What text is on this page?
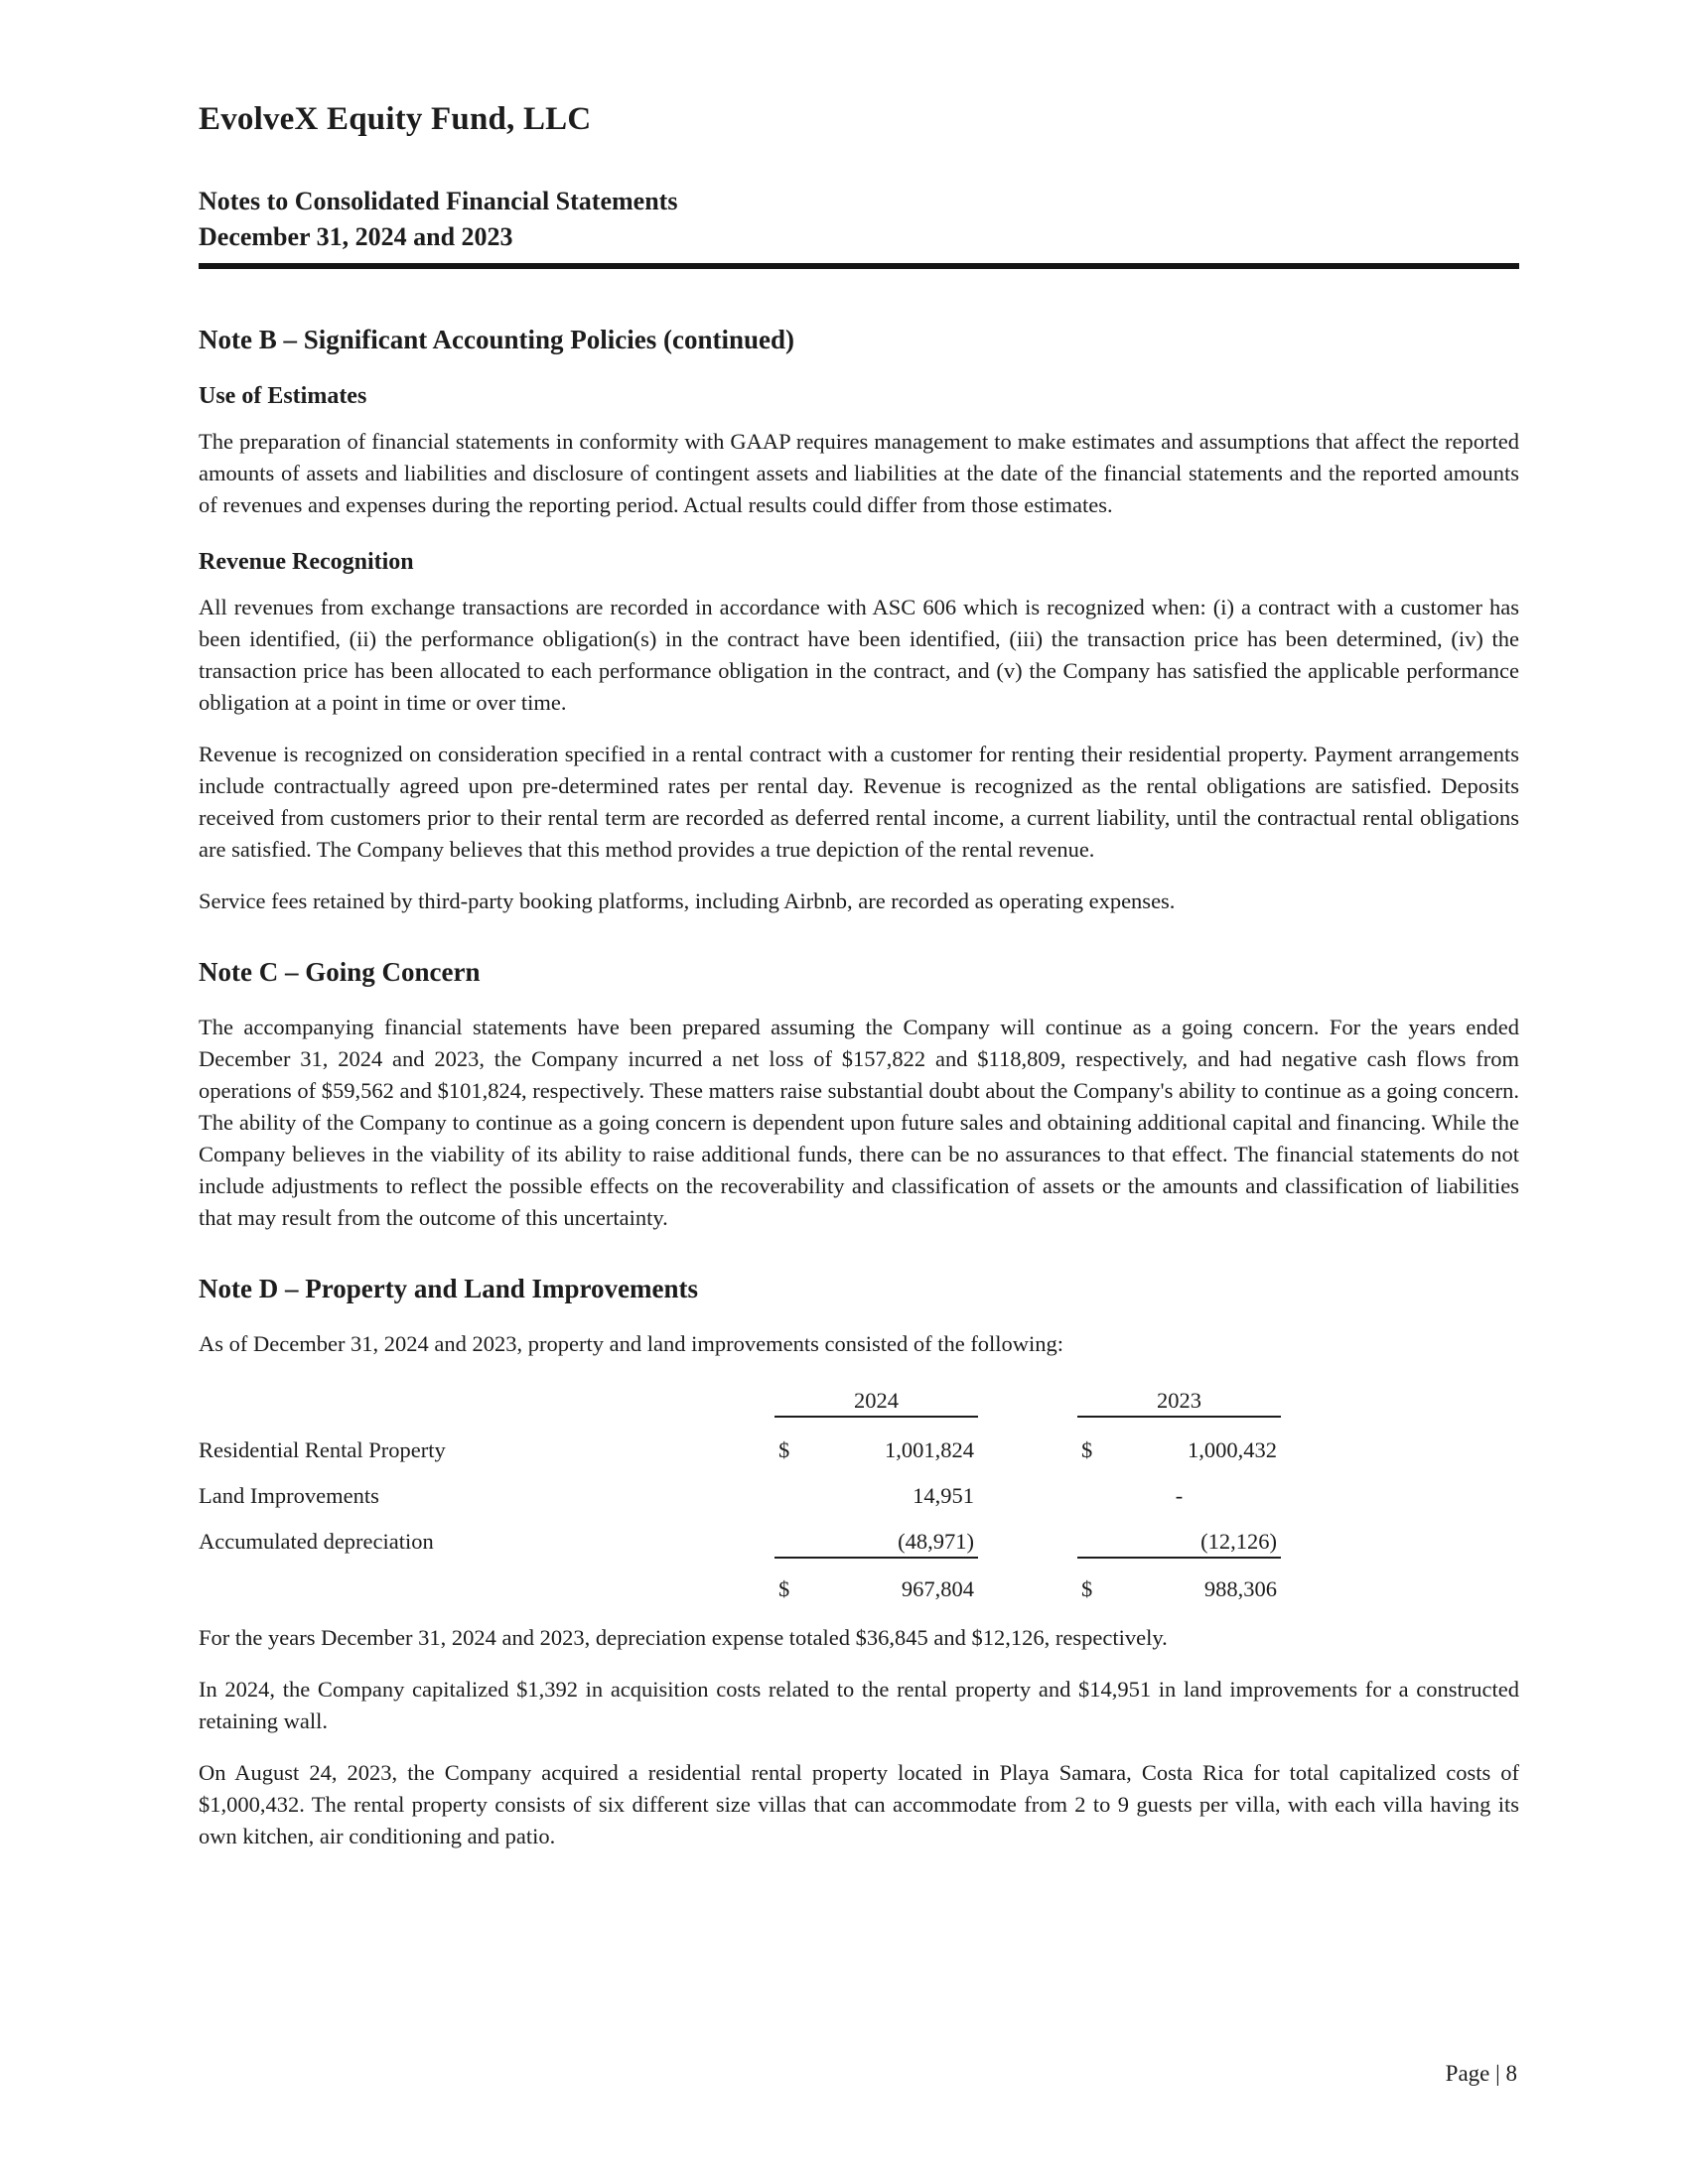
EvolveX Equity Fund, LLC
Notes to Consolidated Financial Statements
December 31, 2024 and 2023
Note B – Significant Accounting Policies (continued)
Use of Estimates

The preparation of financial statements in conformity with GAAP requires management to make estimates and assumptions that affect the reported amounts of assets and liabilities and disclosure of contingent assets and liabilities at the date of the financial statements and the reported amounts of revenues and expenses during the reporting period. Actual results could differ from those estimates.

Revenue Recognition

All revenues from exchange transactions are recorded in accordance with ASC 606 which is recognized when: (i) a contract with a customer has been identified, (ii) the performance obligation(s) in the contract have been identified, (iii) the transaction price has been determined, (iv) the transaction price has been allocated to each performance obligation in the contract, and (v) the Company has satisfied the applicable performance obligation at a point in time or over time.

Revenue is recognized on consideration specified in a rental contract with a customer for renting their residential property. Payment arrangements include contractually agreed upon pre-determined rates per rental day. Revenue is recognized as the rental obligations are satisfied. Deposits received from customers prior to their rental term are recorded as deferred rental income, a current liability, until the contractual rental obligations are satisfied. The Company believes that this method provides a true depiction of the rental revenue.

Service fees retained by third-party booking platforms, including Airbnb, are recorded as operating expenses.

Note C – Going Concern

The accompanying financial statements have been prepared assuming the Company will continue as a going concern. For the years ended December 31, 2024 and 2023, the Company incurred a net loss of $157,822 and $118,809, respectively, and had negative cash flows from operations of $59,562 and $101,824, respectively. These matters raise substantial doubt about the Company's ability to continue as a going concern. The ability of the Company to continue as a going concern is dependent upon future sales and obtaining additional capital and financing. While the Company believes in the viability of its ability to raise additional funds, there can be no assurances to that effect. The financial statements do not include adjustments to reflect the possible effects on the recoverability and classification of assets or the amounts and classification of liabilities that may result from the outcome of this uncertainty.

Note D – Property and Land Improvements

As of December 31, 2024 and 2023, property and land improvements consisted of the following:

2024	2023
Residential Rental Property	$	1,001,824	$	1,000,432
Land Improvements	14,951	-
Accumulated depreciation	(48,971)	(12,126)
$	967,804	$	988,306

For the years December 31, 2024 and 2023, depreciation expense totaled $36,845 and $12,126, respectively.

In 2024, the Company capitalized $1,392 in acquisition costs related to the rental property and $14,951 in land improvements for a constructed retaining wall.

On August 24, 2023, the Company acquired a residential rental property located in Playa Samara, Costa Rica for total capitalized costs of $1,000,432. The rental property consists of six different size villas that can accommodate from 2 to 9 guests per villa, with each villa having its own kitchen, air conditioning and patio.

Page | 8
